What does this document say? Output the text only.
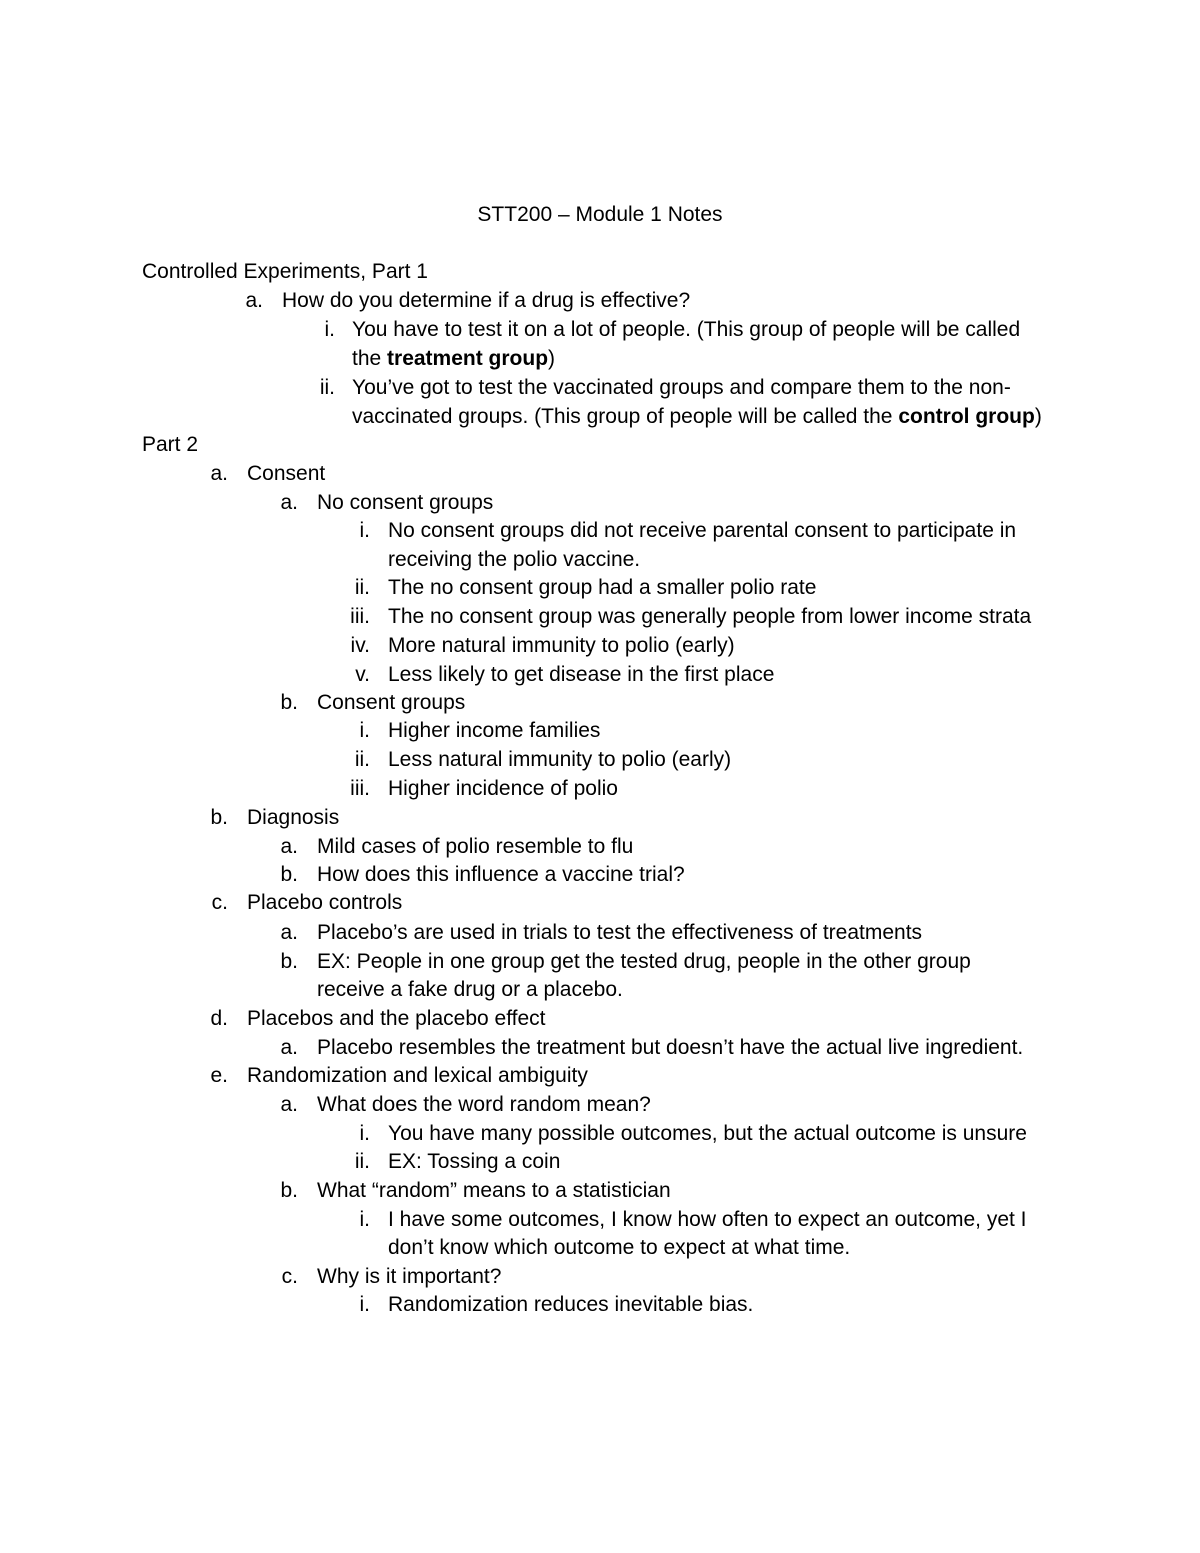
STT200 – Module 1 Notes
Controlled Experiments, Part 1
a. How do you determine if a drug is effective?
i. You have to test it on a lot of people. (This group of people will be called
the treatment group)
ii. You’ve got to test the vaccinated groups and compare them to the non-
vaccinated groups. (This group of people will be called the control group)
Part 2
a. Consent
a. No consent groups
i. No consent groups did not receive parental consent to participate in
receiving the polio vaccine.
ii. The no consent group had a smaller polio rate
iii. The no consent group was generally people from lower income strata
iv. More natural immunity to polio (early)
v. Less likely to get disease in the first place
b. Consent groups
i. Higher income families
ii. Less natural immunity to polio (early)
iii. Higher incidence of polio
b. Diagnosis
a. Mild cases of polio resemble to flu
b. How does this influence a vaccine trial?
c. Placebo controls
a. Placebo’s are used in trials to test the effectiveness of treatments
b. EX: People in one group get the tested drug, people in the other group
receive a fake drug or a placebo.
d. Placebos and the placebo effect
a. Placebo resembles the treatment but doesn’t have the actual live ingredient.
e. Randomization and lexical ambiguity
a. What does the word random mean?
i. You have many possible outcomes, but the actual outcome is unsure
ii. EX: Tossing a coin
b. What “random” means to a statistician
i. I have some outcomes, I know how often to expect an outcome, yet I
don’t know which outcome to expect at what time.
c. Why is it important?
i. Randomization reduces inevitable bias.
